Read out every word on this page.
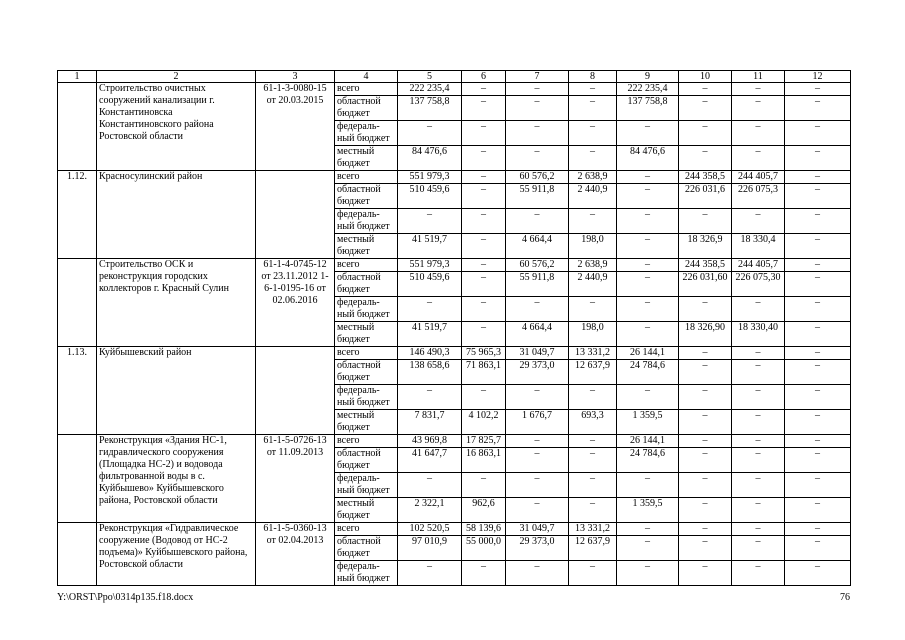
1	2	3	4	5	6	7	8	9	10	11	12
	Строительство очистных сооружений канализации г. Константиновска Константиновского района Ростовской области	61-1-3-0080-15 от 20.03.2015	всего	222 235,4	–	–	–	222 235,4	–	–	–
			областной бюджет	137 758,8	–	–	–	137 758,8	–	–	–
			федераль-ный бюджет	–	–	–	–	–	–	–	–
			местный бюджет	84 476,6	–	–	–	84 476,6	–	–	–
1.12.	Красносулинский район		всего	551 979,3	–	60 576,2	2 638,9	–	244 358,5	244 405,7	–
			областной бюджет	510 459,6	–	55 911,8	2 440,9	–	226 031,6	226 075,3	–
			федераль-ный бюджет	–	–	–	–	–	–	–	–
			местный бюджет	41 519,7	–	4 664,4	198,0	–	18 326,9	18 330,4	–
	Строительство ОСК и реконструкция городских коллекторов г. Красный Сулин	61-1-4-0745-12 от 23.11.2012 1-6-1-0195-16 от 02.06.2016	всего	551 979,3	–	60 576,2	2 638,9	–	244 358,5	244 405,7	–
			областной бюджет	510 459,6	–	55 911,8	2 440,9	–	226 031,60	226 075,30	–
			федераль-ный бюджет	–	–	–	–	–	–	–	–
			местный бюджет	41 519,7	–	4 664,4	198,0	–	18 326,90	18 330,40	–
1.13.	Куйбышевский район		всего	146 490,3	75 965,3	31 049,7	13 331,2	26 144,1	–	–	–
			областной бюджет	138 658,6	71 863,1	29 373,0	12 637,9	24 784,6	–	–	–
			федераль-ный бюджет	–	–	–	–	–	–	–	–
			местный бюджет	7 831,7	4 102,2	1 676,7	693,3	1 359,5	–	–	–
	Реконструкция «Здания НС-1, гидравлического сооружения (Площадка НС-2) и водовода фильтрованной воды в с. Куйбышево» Куйбышевского района, Ростовской области	61-1-5-0726-13 от 11.09.2013	всего	43 969,8	17 825,7	–	–	26 144,1	–	–	–
			областной бюджет	41 647,7	16 863,1	–	–	24 784,6	–	–	–
			федераль-ный бюджет	–	–	–	–	–	–	–	–
			местный бюджет	2 322,1	962,6	–	–	1 359,5	–	–	–
	Реконструкция «Гидравлическое сооружение (Водовод от НС-2 подъема)» Куйбышевского района, Ростовской области	61-1-5-0360-13 от 02.04.2013	всего	102 520,5	58 139,6	31 049,7	13 331,2	–	–	–	–
			областной бюджет	97 010,9	55 000,0	29 373,0	12 637,9	–	–	–	–
			федераль-ный бюджет	–	–	–	–	–	–	–	–
Y:\ORST\Ppo\0314p135.f18.docx	76
